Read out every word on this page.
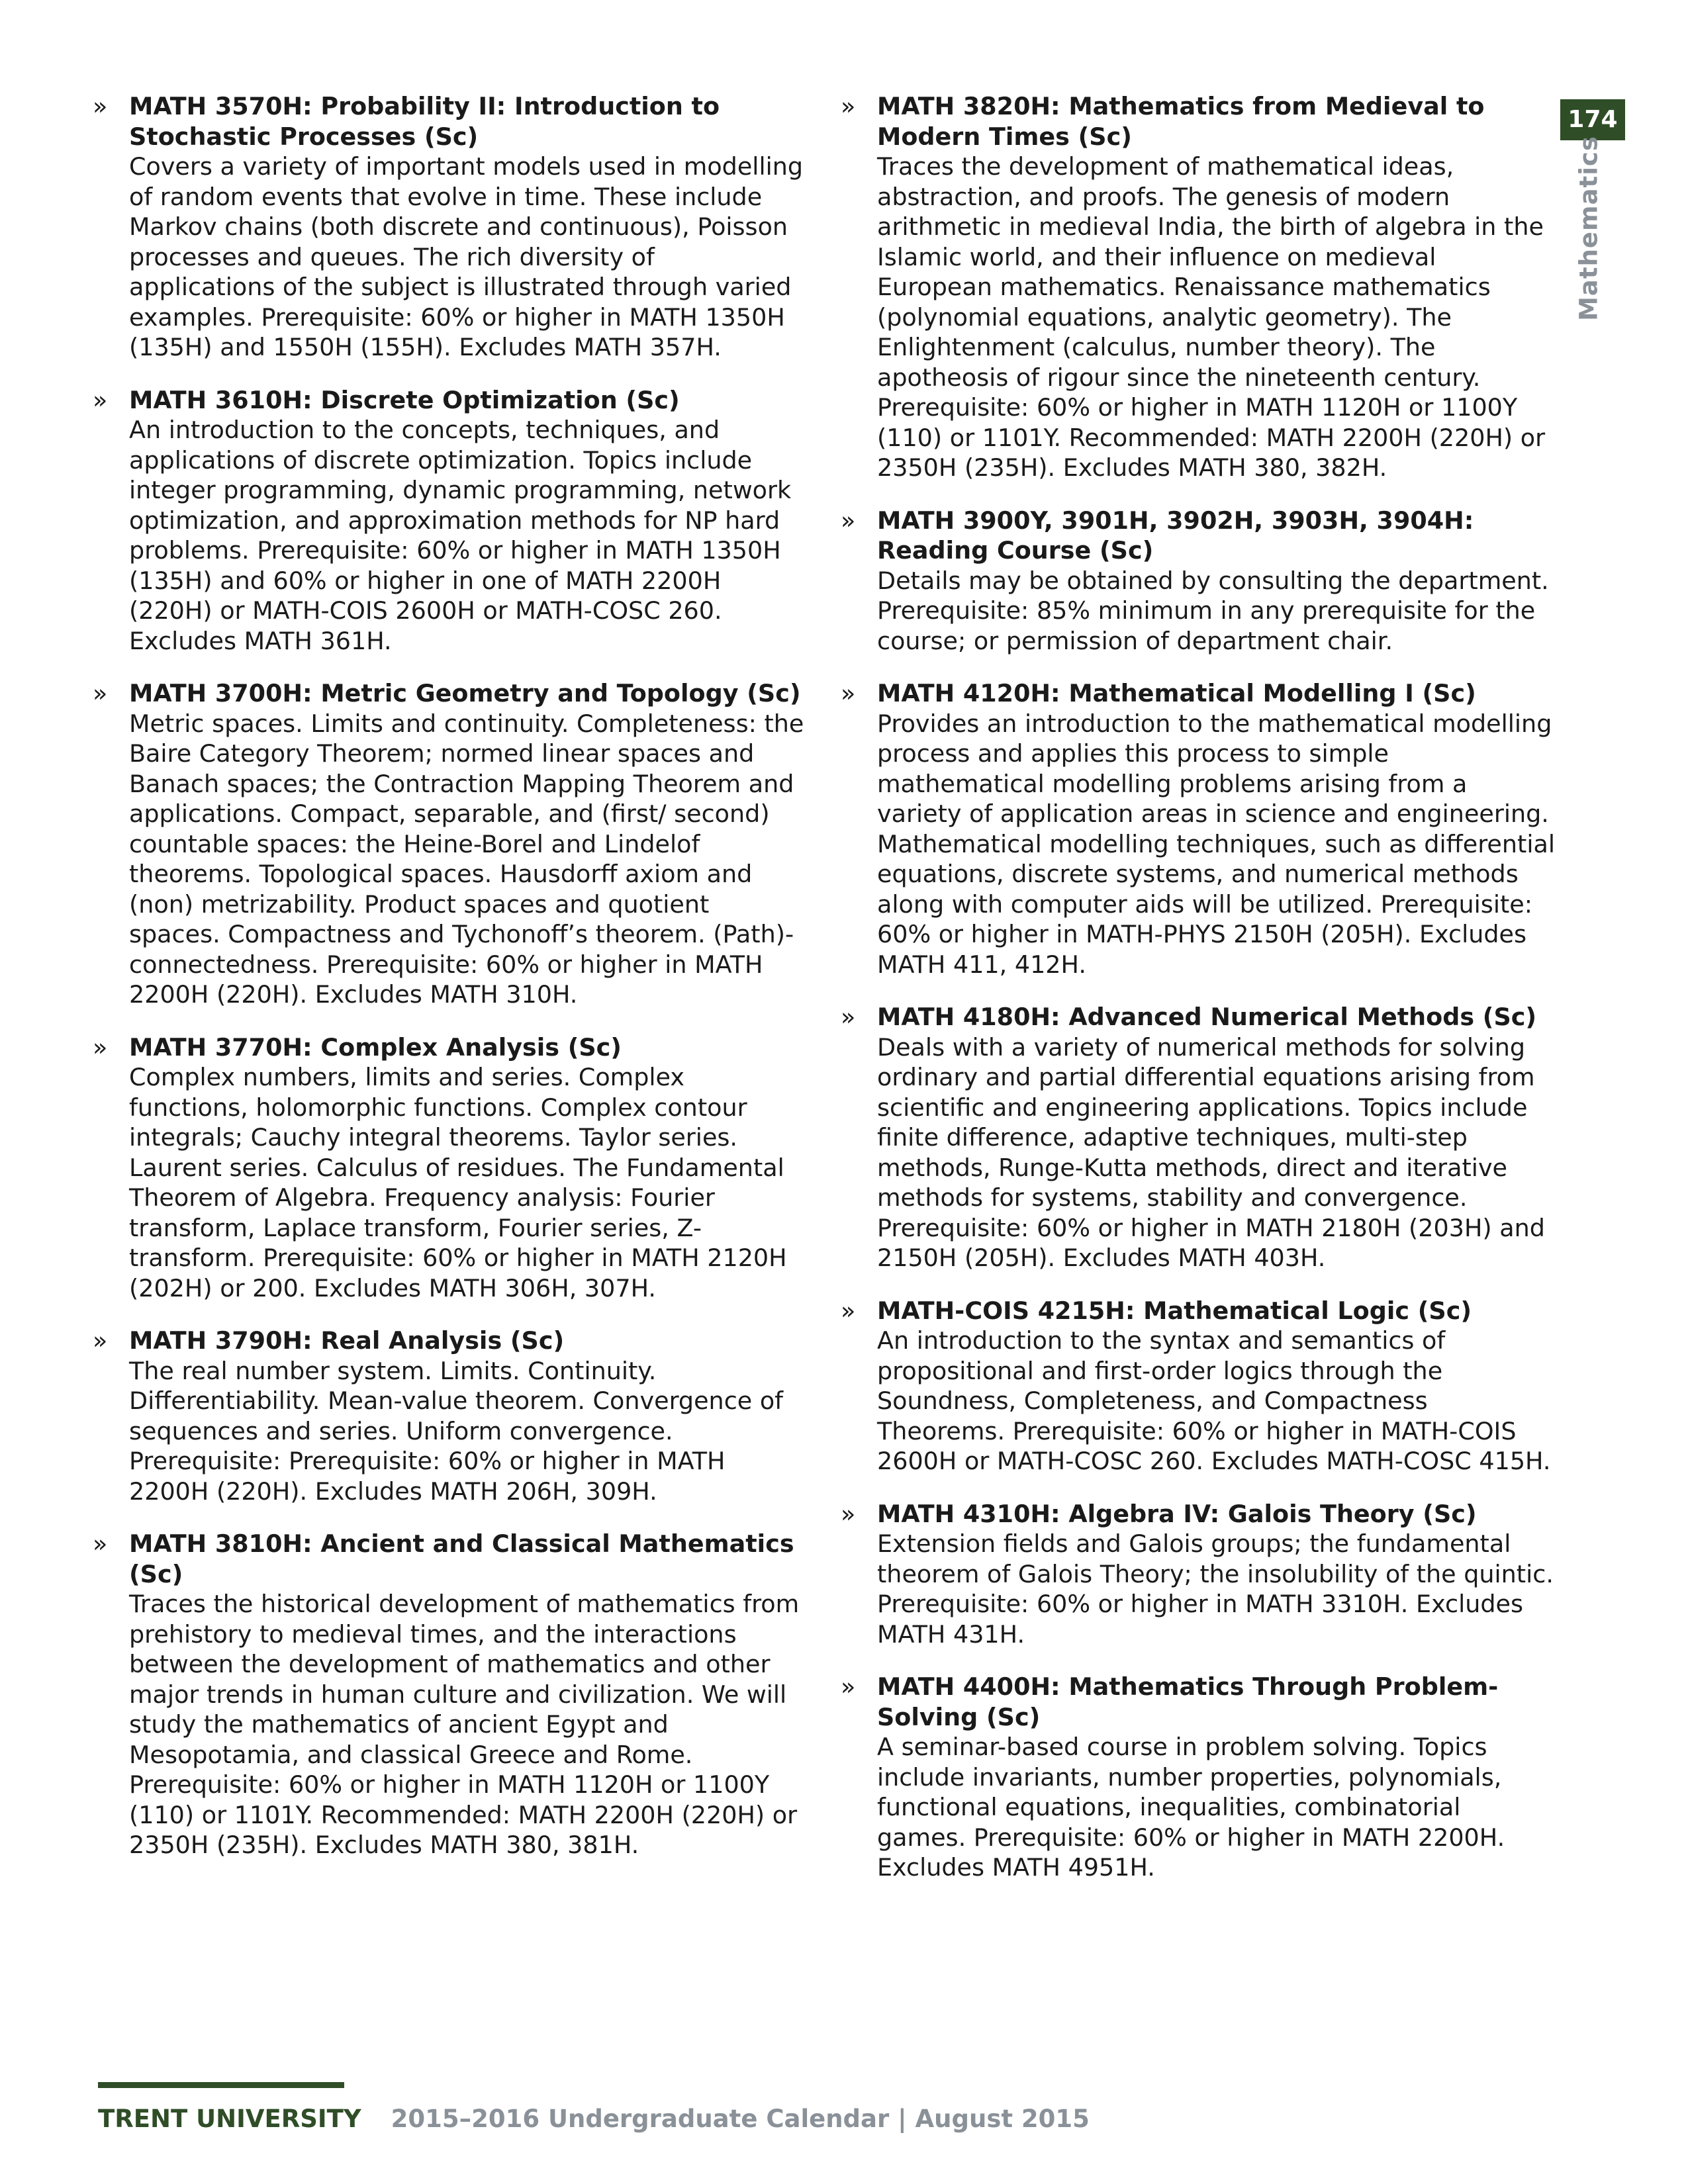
» MATH 3570H: Probability II: Introduction to Stochastic Processes (Sc)
Covers a variety of important models used in modelling of random events that evolve in time. These include Markov chains (both discrete and continuous), Poisson processes and queues. The rich diversity of applications of the subject is illustrated through varied examples. Prerequisite: 60% or higher in MATH 1350H (135H) and 1550H (155H). Excludes MATH 357H.
» MATH 3610H: Discrete Optimization (Sc)
An introduction to the concepts, techniques, and applications of discrete optimization. Topics include integer programming, dynamic programming, network optimization, and approximation methods for NP hard problems. Prerequisite: 60% or higher in MATH 1350H (135H) and 60% or higher in one of MATH 2200H (220H) or MATH-COIS 2600H or MATH-COSC 260. Excludes MATH 361H.
» MATH 3700H: Metric Geometry and Topology (Sc)
Metric spaces. Limits and continuity. Completeness: the Baire Category Theorem; normed linear spaces and Banach spaces; the Contraction Mapping Theorem and applications. Compact, separable, and (first/ second) countable spaces: the Heine-Borel and Lindelof theorems. Topological spaces. Hausdorff axiom and (non) metrizability. Product spaces and quotient spaces. Compactness and Tychonoff’s theorem. (Path)-connectedness. Prerequisite: 60% or higher in MATH 2200H (220H). Excludes MATH 310H.
» MATH 3770H: Complex Analysis (Sc)
Complex numbers, limits and series. Complex functions, holomorphic functions. Complex contour integrals; Cauchy integral theorems. Taylor series. Laurent series. Calculus of residues. The Fundamental Theorem of Algebra. Frequency analysis: Fourier transform, Laplace transform, Fourier series, Z-transform. Prerequisite: 60% or higher in MATH 2120H (202H) or 200. Excludes MATH 306H, 307H.
» MATH 3790H: Real Analysis (Sc)
The real number system. Limits. Continuity. Differentiability. Mean-value theorem. Convergence of sequences and series. Uniform convergence. Prerequisite: Prerequisite: 60% or higher in MATH 2200H (220H). Excludes MATH 206H, 309H.
» MATH 3810H: Ancient and Classical Mathematics (Sc)
Traces the historical development of mathematics from prehistory to medieval times, and the interactions between the development of mathematics and other major trends in human culture and civilization. We will study the mathematics of ancient Egypt and Mesopotamia, and classical Greece and Rome. Prerequisite: 60% or higher in MATH 1120H or 1100Y (110) or 1101Y. Recommended: MATH 2200H (220H) or 2350H (235H). Excludes MATH 380, 381H.
» MATH 3820H: Mathematics from Medieval to Modern Times (Sc)
Traces the development of mathematical ideas, abstraction, and proofs. The genesis of modern arithmetic in medieval India, the birth of algebra in the Islamic world, and their influence on medieval European mathematics. Renaissance mathematics (polynomial equations, analytic geometry). The Enlightenment (calculus, number theory). The apotheosis of rigour since the nineteenth century. Prerequisite: 60% or higher in MATH 1120H or 1100Y (110) or 1101Y. Recommended: MATH 2200H (220H) or 2350H (235H). Excludes MATH 380, 382H.
» MATH 3900Y, 3901H, 3902H, 3903H, 3904H: Reading Course (Sc)
Details may be obtained by consulting the department. Prerequisite: 85% minimum in any prerequisite for the course; or permission of department chair.
» MATH 4120H: Mathematical Modelling I (Sc)
Provides an introduction to the mathematical modelling process and applies this process to simple mathematical modelling problems arising from a variety of application areas in science and engineering. Mathematical modelling techniques, such as differential equations, discrete systems, and numerical methods along with computer aids will be utilized. Prerequisite: 60% or higher in MATH-PHYS 2150H (205H). Excludes MATH 411, 412H.
» MATH 4180H: Advanced Numerical Methods (Sc)
Deals with a variety of numerical methods for solving ordinary and partial differential equations arising from scientific and engineering applications. Topics include finite difference, adaptive techniques, multi-step methods, Runge-Kutta methods, direct and iterative methods for systems, stability and convergence. Prerequisite: 60% or higher in MATH 2180H (203H) and 2150H (205H). Excludes MATH 403H.
» MATH-COIS 4215H: Mathematical Logic (Sc)
An introduction to the syntax and semantics of propositional and first-order logics through the Soundness, Completeness, and Compactness Theorems. Prerequisite: 60% or higher in MATH-COIS 2600H or MATH-COSC 260. Excludes MATH-COSC 415H.
» MATH 4310H: Algebra IV: Galois Theory (Sc)
Extension fields and Galois groups; the fundamental theorem of Galois Theory; the insolubility of the quintic. Prerequisite: 60% or higher in MATH 3310H. Excludes MATH 431H.
» MATH 4400H: Mathematics Through Problem-Solving (Sc)
A seminar-based course in problem solving. Topics include invariants, number properties, polynomials, functional equations, inequalities, combinatorial games. Prerequisite: 60% or higher in MATH 2200H. Excludes MATH 4951H.
174
Mathematics
TRENT UNIVERSITY 2015–2016 Undergraduate Calendar | August 2015
